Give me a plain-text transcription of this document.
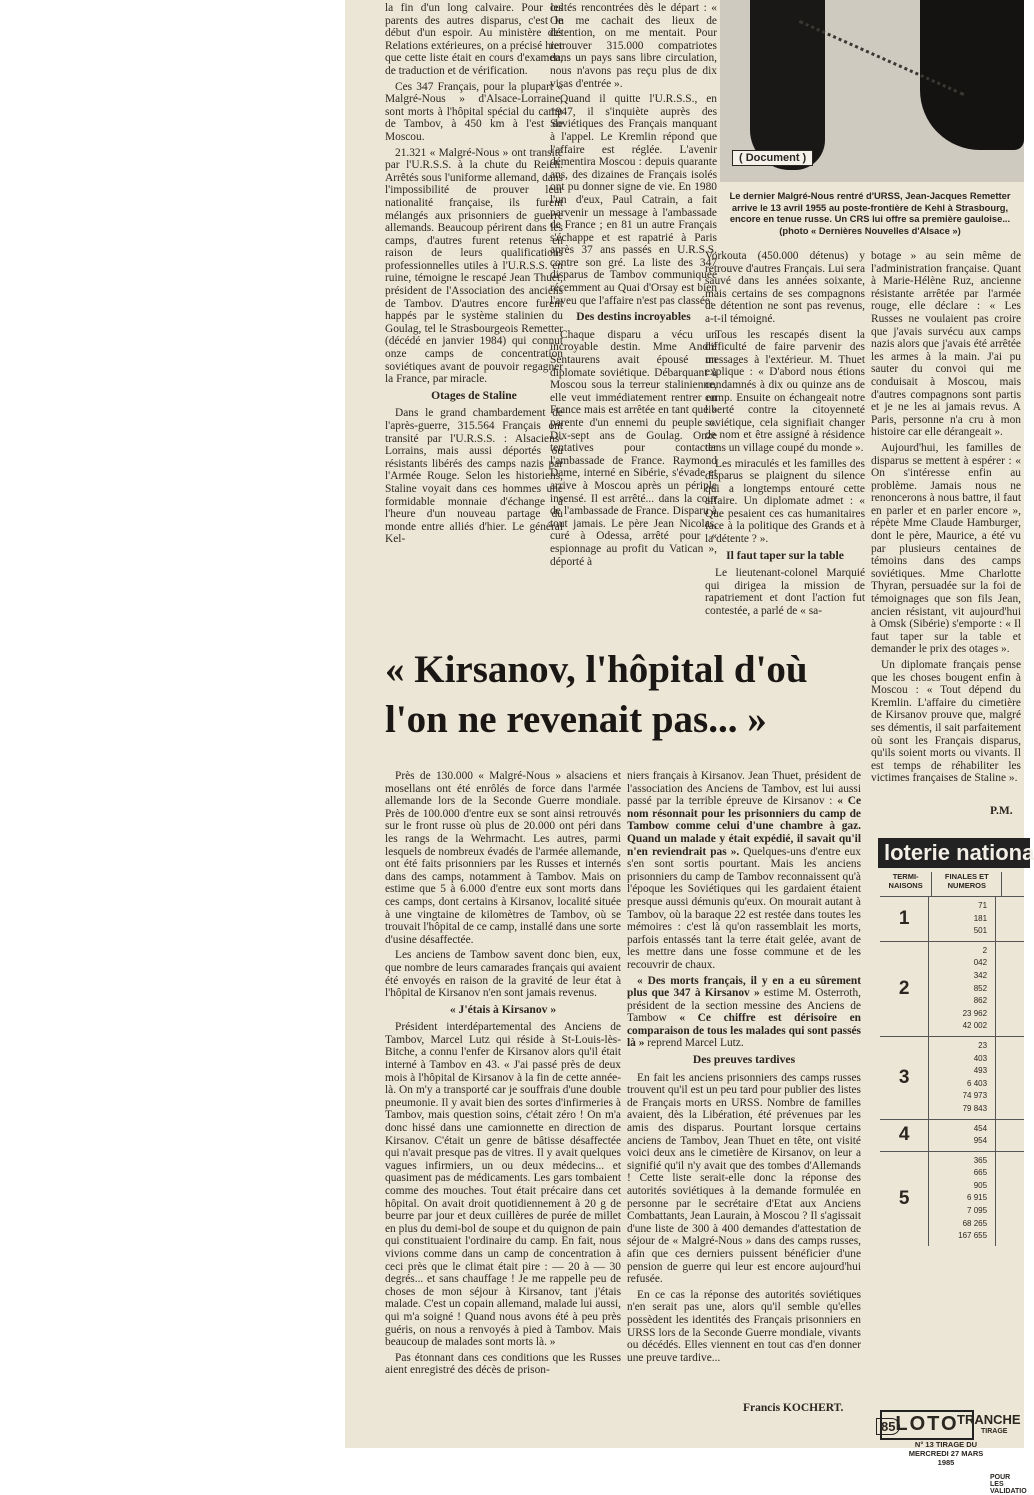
la fin d'un long calvaire. Pour les parents des autres disparus, c'est le début d'un espoir. Au ministère des Relations extérieures, on a précisé hier que cette liste était en cours d'examen, de traduction et de vérification.

Ces 347 Français, pour la plupart « Malgré-Nous » d'Alsace-Lorraine, sont morts à l'hôpital spécial du camp de Tambov, à 450 km à l'est de Moscou.

21.321 « Malgré-Nous » ont transité par l'U.R.S.S. à la chute du Reich. Arrêtés sous l'uniforme allemand, dans l'impossibilité de prouver leur nationalité française, ils furent mélangés aux prisonniers de guerre allemands. Beaucoup périrent dans les camps, d'autres furent retenus en raison de leurs qualifications professionnelles utiles à l'U.R.S.S. en ruine, témoigne le rescapé Jean Thuet, président de l'Association des anciens de Tambov. D'autres encore furent happés par le système stalinien du Goulag, tel le Strasbourgeois Remetter (décédé en janvier 1984) qui connut onze camps de concentration soviétiques avant de pouvoir regagner la France, par miracle.

Otages de Staline

Dans le grand chambardement de l'après-guerre, 315.564 Français ont transité par l'U.R.S.S. : Alsaciens-Lorrains, mais aussi déportés ou résistants libérés des camps nazis par l'Armée Rouge. Selon les historiens, Staline voyait dans ces hommes une formidable monnaie d'échange à l'heure d'un nouveau partage du monde entre alliés d'hier. Le général Kel-

cultés rencontrées dès le départ : « On me cachait des lieux de détention, on me mentait. Pour retrouver 315.000 compatriotes dans un pays sans libre circulation, nous n'avons pas reçu plus de dix visas d'entrée ».

Quand il quitte l'U.R.S.S., en 1947, il s'inquiète auprès des Soviétiques des Français manquant à l'appel. Le Kremlin répond que l'affaire est réglée. L'avenir démentira Moscou : depuis quarante ans, des dizaines de Français isolés ont pu donner signe de vie. En 1980 l'un d'eux, Paul Catrain, a fait parvenir un message à l'ambassade de France ; en 81 un autre Français s'échappe et est rapatrié à Paris après 37 ans passés en U.R.S.S. contre son gré. La liste des 347 disparus de Tambov communiquée récemment au Quai d'Orsay est bien l'aveu que l'affaire n'est pas classée.

Des destins incroyables

Chaque disparu a vécu un incroyable destin. Mme André Sentaurens avait épousé un diplomate soviétique. Débarquant à Moscou sous la terreur stalinienne, elle veut immédiatement rentrer en France mais est arrêtée en tant que « parente d'un ennemi du peuple ». Dix-sept ans de Goulag. Onze tentatives pour contacter l'ambassade de France. Raymond Dame, interné en Sibérie, s'évade et arrive à Moscou après un périple insensé. Il est arrêté... dans la cour de l'ambassade de France. Disparu à tout jamais. Le père Jean Nicolas, curé à Odessa, arrêté pour « espionnage au profit du Vatican », déporté à

( Document )
Le dernier Malgré-Nous rentré d'URSS, Jean-Jacques Remetter arrive le 13 avril 1955 au poste-frontière de Kehl à Strasbourg, encore en tenue russe. Un CRS lui offre sa première gauloise... (photo « Dernières Nouvelles d'Alsace »)

Vorkouta (450.000 détenus) y retrouve d'autres Français. Lui sera sauvé dans les années soixante, mais certains de ses compagnons de détention ne sont pas revenus, a-t-il témoigné.

Tous les rescapés disent la difficulté de faire parvenir des messages à l'extérieur. M. Thuet explique : « D'abord nous étions condamnés à dix ou quinze ans de camp. Ensuite on échangeait notre liberté contre la citoyenneté soviétique, cela signifiait changer de nom et être assigné à résidence dans un village coupé du monde ».

Les miraculés et les familles des disparus se plaignent du silence qui a longtemps entouré cette affaire. Un diplomate admet : « Que pesaient ces cas humanitaires face à la politique des Grands et à la détente ? ».

Il faut taper sur la table

Le lieutenant-colonel Marquié qui dirigea la mission de rapatriement et dont l'action fut contestée, a parlé de « sa-

botage » au sein même de l'administration française. Quant à Marie-Hélène Ruz, ancienne résistante arrêtée par l'armée rouge, elle déclare : « Les Russes ne voulaient pas croire que j'avais survécu aux camps nazis alors que j'avais été arrêtée les armes à la main. J'ai pu sauter du convoi qui me conduisait à Moscou, mais d'autres compagnons sont partis et je ne les ai jamais revus. A Paris, personne n'a cru à mon histoire car elle dérangeait ».

Aujourd'hui, les familles de disparus se mettent à espérer : « On s'intéresse enfin au problème. Jamais nous ne renoncerons à nous battre, il faut en parler et en parler encore », répète Mme Claude Hamburger, dont le père, Maurice, a été vu par plusieurs centaines de témoins dans des camps soviétiques. Mme Charlotte Thyran, persuadée sur la foi de témoignages que son fils Jean, ancien résistant, vit aujourd'hui à Omsk (Sibérie) s'emporte : « Il faut taper sur la table et demander le prix des otages ».

Un diplomate français pense que les choses bougent enfin à Moscou : « Tout dépend du Kremlin. L'affaire du cimetière de Kirsanov prouve que, malgré ses démentis, il sait parfaitement où sont les Français disparus, qu'ils soient morts ou vivants. Il est temps de réhabiliter les victimes françaises de Staline ».

P.M.
« Kirsanov, l'hôpital d'où l'on ne revenait pas... »

Près de 130.000 « Malgré-Nous » alsaciens et mosellans ont été enrôlés de force dans l'armée allemande lors de la Seconde Guerre mondiale. Près de 100.000 d'entre eux se sont ainsi retrouvés sur le front russe où plus de 20.000 ont péri dans les rangs de la Wehrmacht. Les autres, parmi lesquels de nombreux évadés de l'armée allemande, ont été faits prisonniers par les Russes et internés dans des camps, notamment à Tambov. Mais on estime que 5 à 6.000 d'entre eux sont morts dans ces camps, dont certains à Kirsanov, localité située à une vingtaine de kilomètres de Tambov, où se trouvait l'hôpital de ce camp, installé dans une sorte d'usine désaffectée.

Les anciens de Tambow savent donc bien, eux, que nombre de leurs camarades français qui avaient été envoyés en raison de la gravité de leur état à l'hôpital de Kirsanov n'en sont jamais revenus.

« J'étais à Kirsanov »

Président interdépartemental des Anciens de Tambov, Marcel Lutz qui réside à St-Louis-lès-Bitche, a connu l'enfer de Kirsanov alors qu'il était interné à Tambov en 43. « J'ai passé près de deux mois à l'hôpital de Kirsanov à la fin de cette année-là. On m'y a transporté car je souffrais d'une double pneumonie. Il y avait bien des sortes d'infirmeries à Tambov, mais question soins, c'était zéro ! On m'a donc hissé dans une camionnette en direction de Kirsanov. C'était un genre de bâtisse désaffectée qui n'avait presque pas de vitres. Il y avait quelques vagues infirmiers, un ou deux médecins... et quasiment pas de médicaments. Les gars tombaient comme des mouches. Tout était précaire dans cet hôpital. On avait droit quotidiennement à 20 g de beurre par jour et deux cuillères de purée de millet en plus du demi-bol de soupe et du quignon de pain qui constituaient l'ordinaire du camp. En fait, nous vivions comme dans un camp de concentration à ceci près que le climat était pire : — 20 à — 30 degrés... et sans chauffage ! Je me rappelle peu de choses de mon séjour à Kirsanov, tant j'étais malade. C'est un copain allemand, malade lui aussi, qui m'a soigné ! Quand nous avons été à peu près guéris, on nous a renvoyés à pied à Tambov. Mais beaucoup de malades sont morts là. »

Pas étonnant dans ces conditions que les Russes aient enregistré des décès de prison-

niers français à Kirsanov. Jean Thuet, président de l'association des Anciens de Tambov, est lui aussi passé par la terrible épreuve de Kirsanov : « Ce nom résonnait pour les prisonniers du camp de Tambow comme celui d'une chambre à gaz. Quand un malade y était expédié, il savait qu'il n'en reviendrait pas ». Quelques-uns d'entre eux s'en sont sortis pourtant. Mais les anciens prisonniers du camp de Tambov reconnaissent qu'à l'époque les Soviétiques qui les gardaient étaient presque aussi démunis qu'eux. On mourait autant à Tambov, où la baraque 22 est restée dans toutes les mémoires : c'est là qu'on rassemblait les morts, parfois entassés tant la terre était gelée, avant de les mettre dans une fosse commune et de les recouvrir de chaux.

« Des morts français, il y en a eu sûrement plus que 347 à Kirsanov » estime M. Osterroth, président de la section messine des Anciens de Tambow « Ce chiffre est dérisoire en comparaison de tous les malades qui sont passés là » reprend Marcel Lutz.

Des preuves tardives

En fait les anciens prisonniers des camps russes trouvent qu'il est un peu tard pour publier des listes de Français morts en URSS. Nombre de familles avaient, dès la Libération, été prévenues par les amis des disparus. Pourtant lorsque certains anciens de Tambov, Jean Thuet en tête, ont visité voici deux ans le cimetière de Kirsanov, on leur a signifié qu'il n'y avait que des tombes d'Allemands ! Cette liste serait-elle donc la réponse des autorités soviétiques à la demande formulée en personne par le secrétaire d'Etat aux Anciens Combattants, Jean Laurain, à Moscou ? Il s'agissait d'une liste de 300 à 400 demandes d'attestation de séjour de « Malgré-Nous » dans des camps russes, afin que ces derniers puissent bénéficier d'une pension de guerre qui leur est encore aujourd'hui refusée.

En ce cas la réponse des autorités soviétiques n'en serait pas une, alors qu'il semble qu'elles possèdent les identités des Français prisonniers en URSS lors de la Seconde Guerre mondiale, vivants ou décédés. Elles viennent en tout cas d'en donner une preuve tardive...

Francis KOCHERT.
loterie nationa
TERMI-NAISONS
FINALES ET NUMEROS
1
71
181
501
2
2
042
342
852
862
23 962
42 002
3
23
403
493
6 403
74 973
79 843
4	454
954
5
365
665
905
6 915
7 095
68 265
167 655
LOTO
N° 13 TIRAGE DU MERCREDI 27 MARS 1985
POUR LES VALIDATIO
TRANCHE
TIRAGE
85
